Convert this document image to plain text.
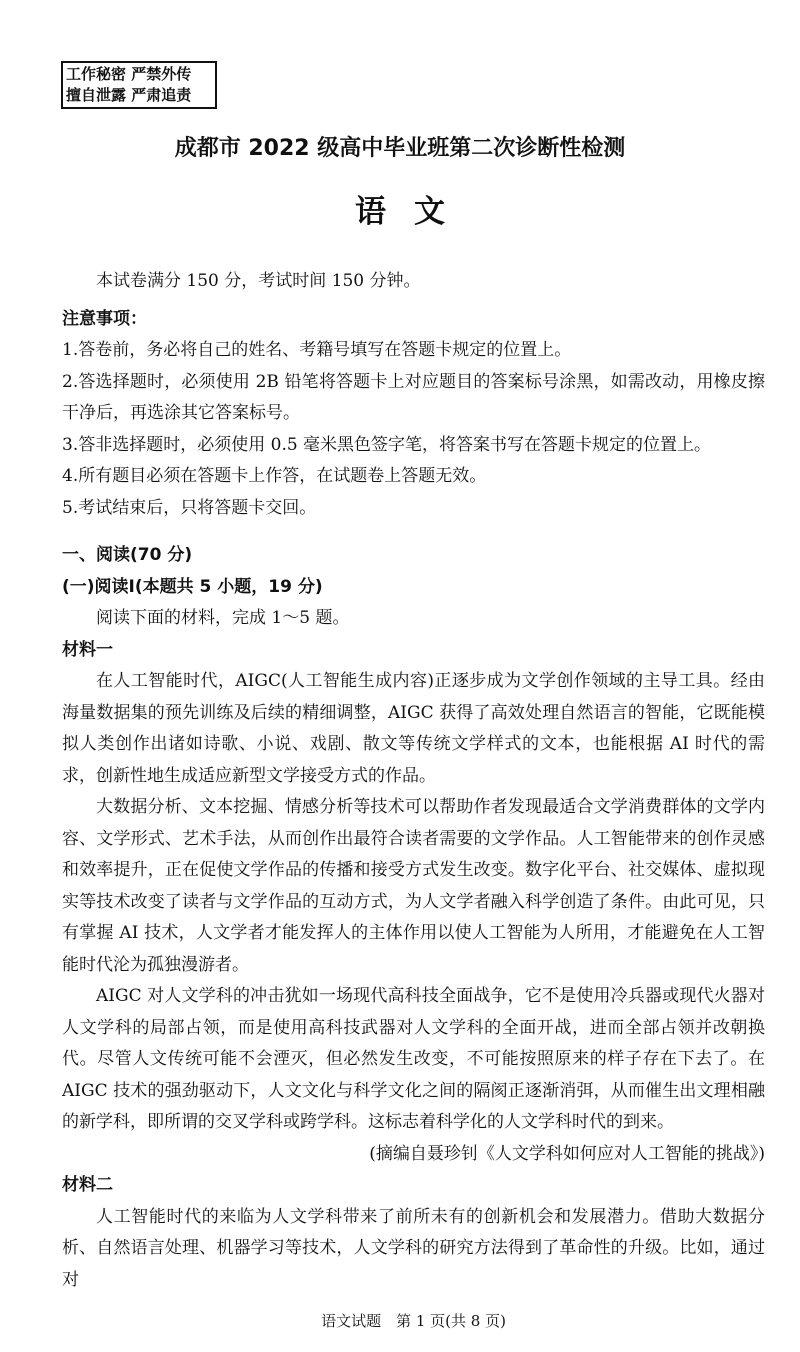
工作秘密 严禁外传
擅自泄露 严肃追责
成都市 2022 级高中毕业班第二次诊断性检测
语文

本试卷满分 150 分，考试时间 150 分钟。

注意事项：

1.答卷前，务必将自己的姓名、考籍号填写在答题卡规定的位置上。

2.答选择题时，必须使用 2B 铅笔将答题卡上对应题目的答案标号涂黑，如需改动，用橡皮擦干净后，再选涂其它答案标号。

3.答非选择题时，必须使用 0.5 毫米黑色签字笔，将答案书写在答题卡规定的位置上。

4.所有题目必须在答题卡上作答，在试题卷上答题无效。

5.考试结束后，只将答题卡交回。

一、阅读(70 分)

(一)阅读Ⅰ(本题共 5 小题，19 分)

阅读下面的材料，完成 1～5 题。

材料一

在人工智能时代，AIGC(人工智能生成内容)正逐步成为文学创作领域的主导工具。经由海量数据集的预先训练及后续的精细调整，AIGC 获得了高效处理自然语言的智能，它既能模拟人类创作出诸如诗歌、小说、戏剧、散文等传统文学样式的文本，也能根据 AI 时代的需求，创新性地生成适应新型文学接受方式的作品。

大数据分析、文本挖掘、情感分析等技术可以帮助作者发现最适合文学消费群体的文学内容、文学形式、艺术手法，从而创作出最符合读者需要的文学作品。人工智能带来的创作灵感和效率提升，正在促使文学作品的传播和接受方式发生改变。数字化平台、社交媒体、虚拟现实等技术改变了读者与文学作品的互动方式，为人文学者融入科学创造了条件。由此可见，只有掌握 AI 技术，人文学者才能发挥人的主体作用以使人工智能为人所用，才能避免在人工智能时代沦为孤独漫游者。

AIGC 对人文学科的冲击犹如一场现代高科技全面战争，它不是使用冷兵器或现代火器对人文学科的局部占领，而是使用高科技武器对人文学科的全面开战，进而全部占领并改朝换代。尽管人文传统可能不会湮灭，但必然发生改变，不可能按照原来的样子存在下去了。在 AIGC 技术的强劲驱动下，人文文化与科学文化之间的隔阂正逐渐消弭，从而催生出文理相融的新学科，即所谓的交叉学科或跨学科。这标志着科学化的人文学科时代的到来。

(摘编自聂珍钊《人文学科如何应对人工智能的挑战》)

材料二

人工智能时代的来临为人文学科带来了前所未有的创新机会和发展潜力。借助大数据分析、自然语言处理、机器学习等技术，人文学科的研究方法得到了革命性的升级。比如，通过对

语文试题　第 1 页(共 8 页)
